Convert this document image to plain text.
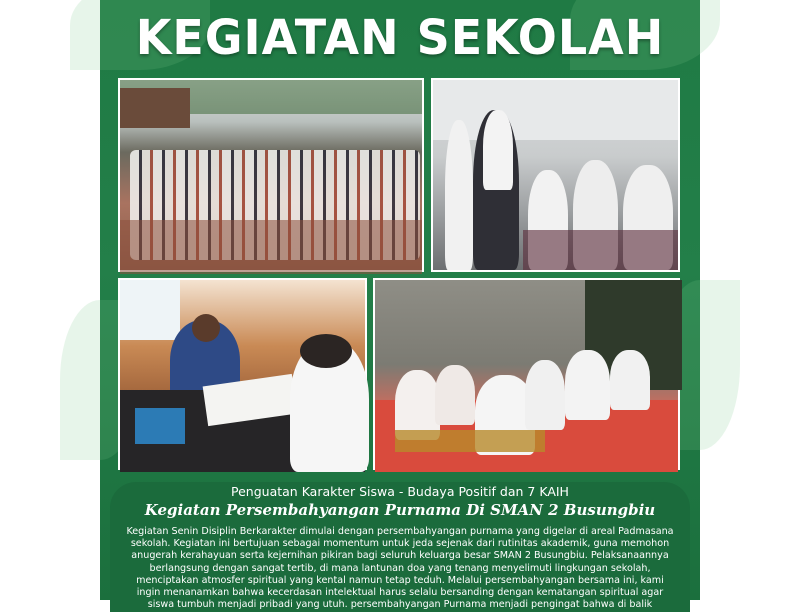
KEGIATAN SEKOLAH
Penguatan Karakter Siswa - Budaya Positif dan 7 KAIH
Kegiatan Persembahyangan Purnama Di SMAN 2 Busungbiu
Kegiatan Senin Disiplin Berkarakter dimulai dengan persembahyangan purnama yang digelar di areal Padmasana sekolah. Kegiatan ini bertujuan sebagai momentum untuk jeda sejenak dari rutinitas akademik, guna memohon anugerah kerahayuan serta kejernihan pikiran bagi seluruh keluarga besar SMAN 2 Busungbiu. Pelaksanaannya berlangsung dengan sangat tertib, di mana lantunan doa yang tenang menyelimuti lingkungan sekolah, menciptakan atmosfer spiritual yang kental namun tetap teduh. Melalui persembahyangan bersama ini, kami ingin menanamkan bahwa kecerdasan intelektual harus selalu bersanding dengan kematangan spiritual agar siswa tumbuh menjadi pribadi yang utuh. persembahyangan Purnama menjadi pengingat bahwa di balik
